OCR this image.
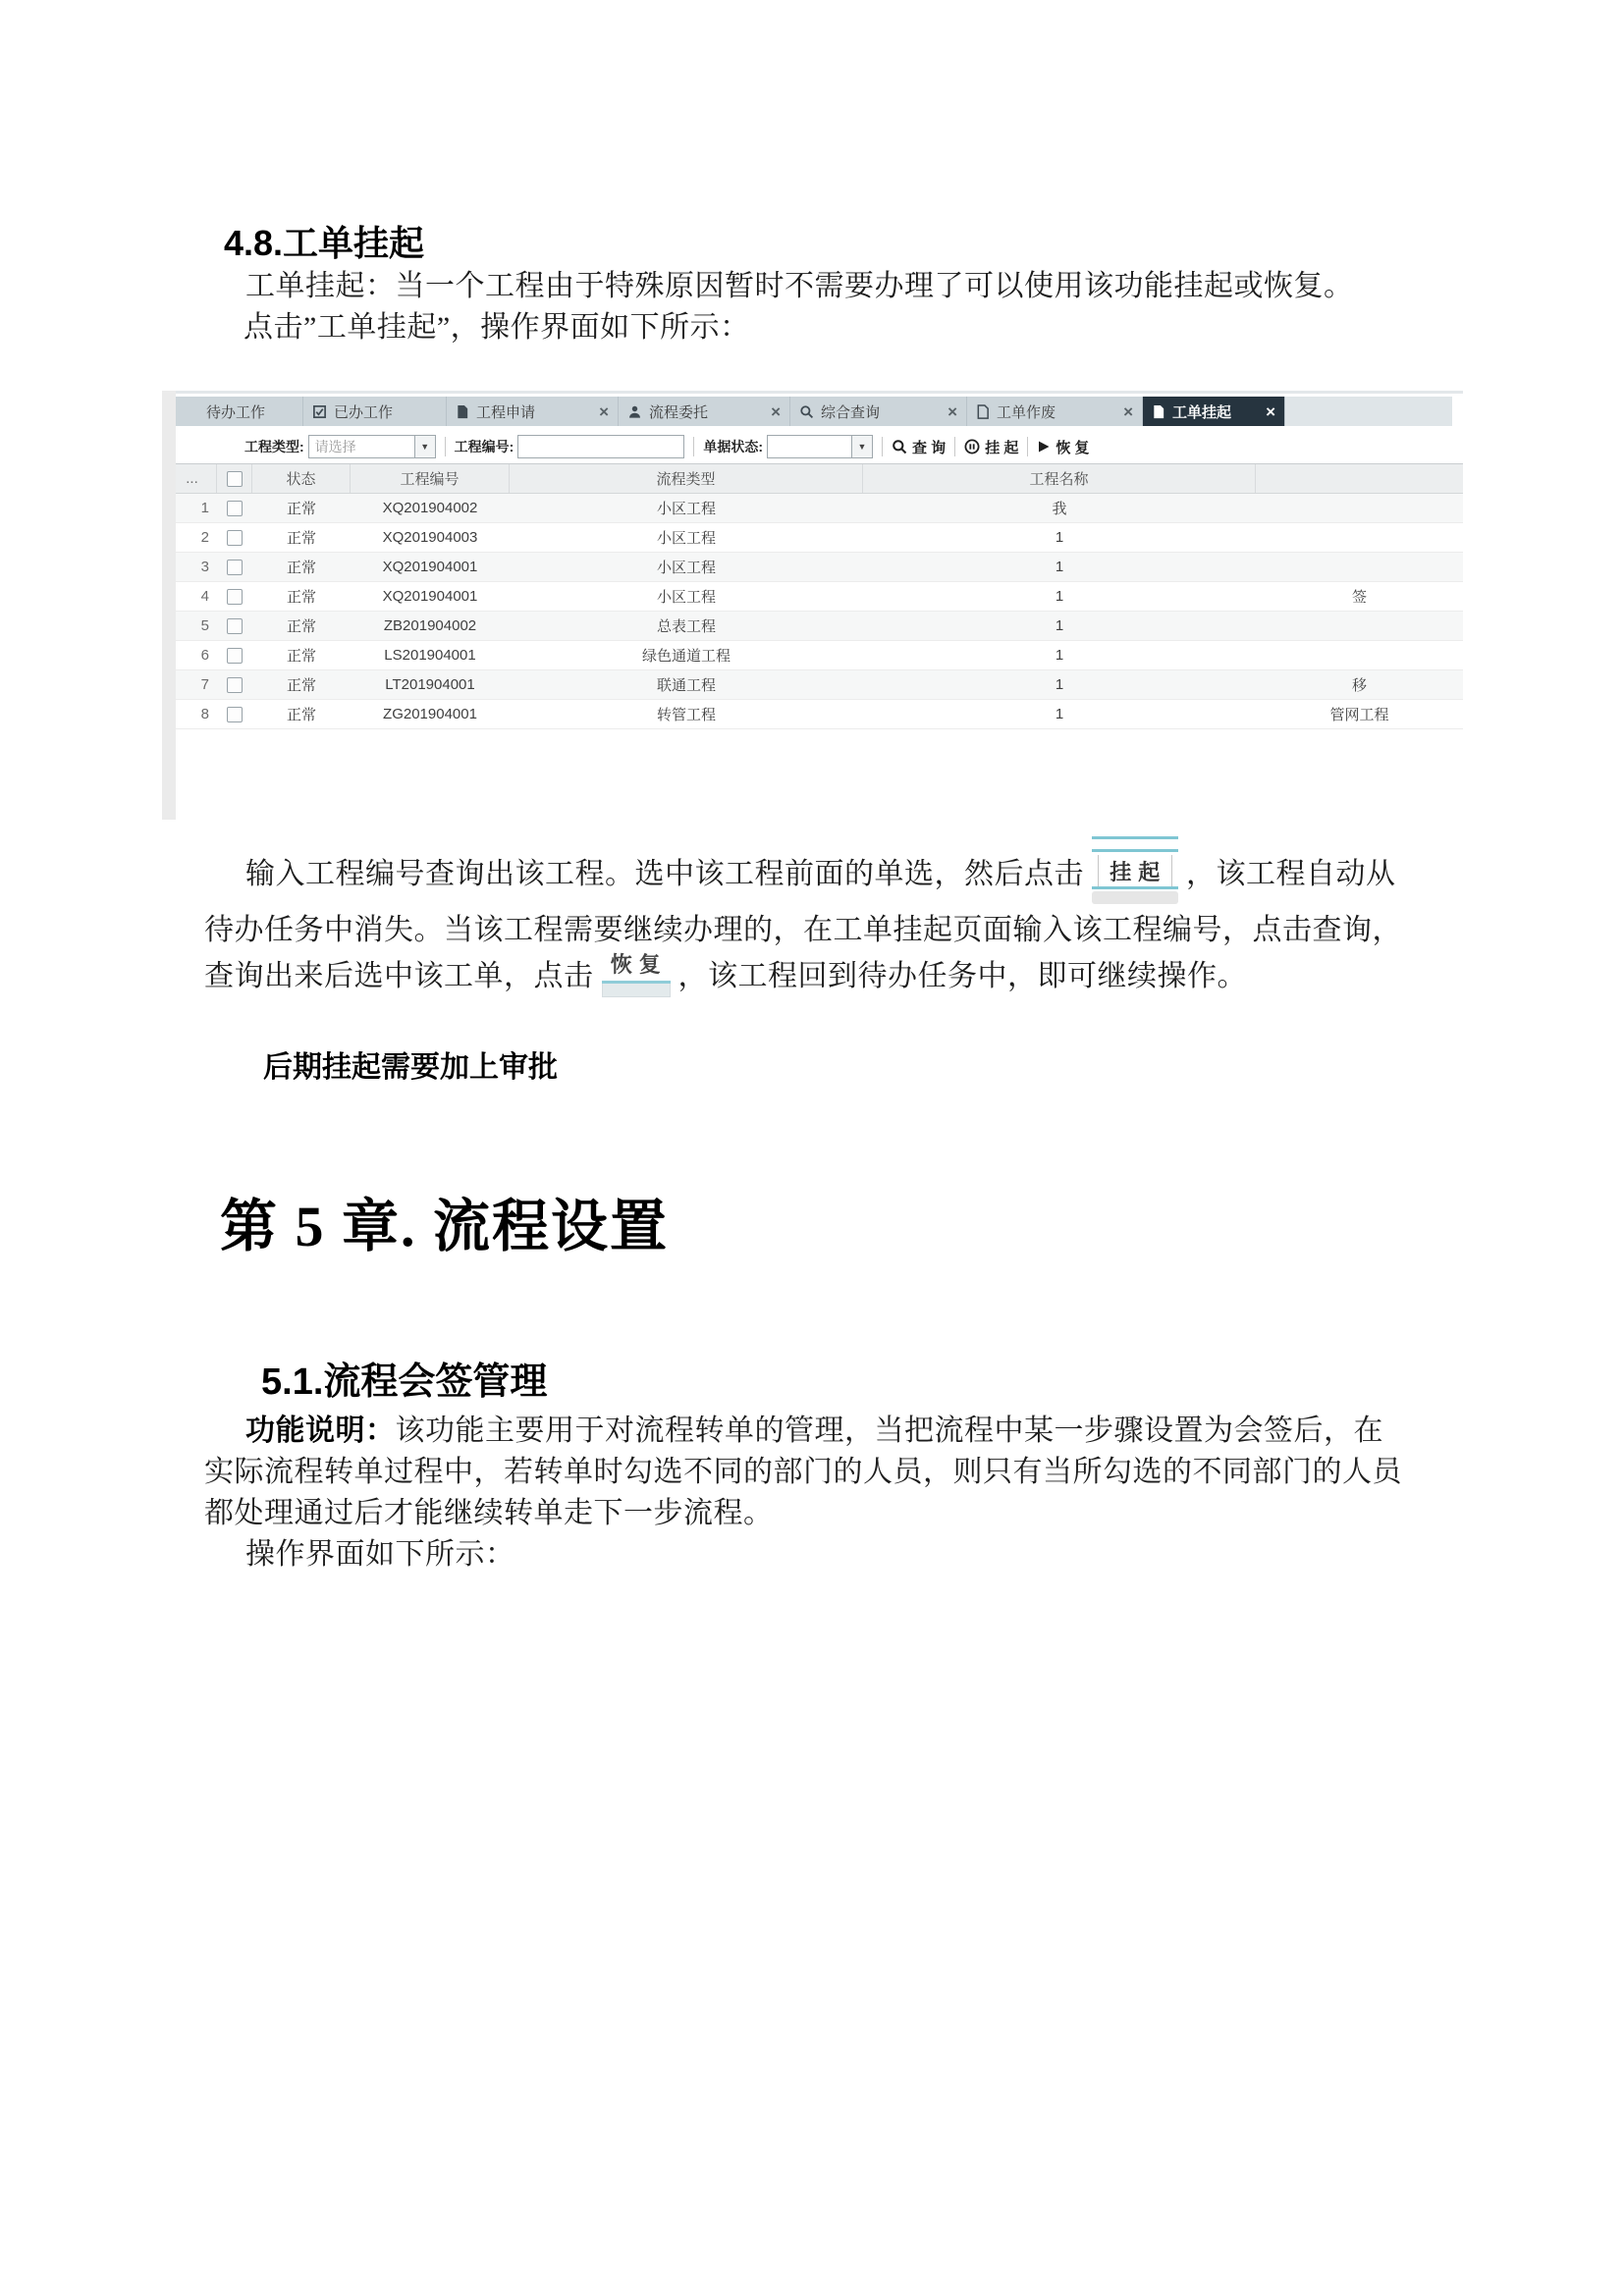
4.8.工单挂起
工单挂起：当一个工程由于特殊原因暂时不需要办理了可以使用该功能挂起或恢复。
点击”工单挂起”，操作界面如下所示：
待办工作	已办工作	工程申请	×	流程委托	×	综合查询	×	工单作废	×	工单挂起 ×
工程类型: 请选择	▼	工程编号:	单据状态:	▼	查 询	挂 起	恢 复
...	状态	工程编号	流程类型	工程名称
1	正常	XQ201904002	小区工程	我
2	正常	XQ201904003	小区工程	1
3	正常	XQ201904001	小区工程	1
4	正常	XQ201904001	小区工程	1	签
5	正常	ZB201904002	总表工程	1
6	正常	LS201904001	绿色通道工程	1
7	正常	LT201904001	联通工程	1	移
8	正常	ZG201904001	转管工程	1	管网工程
输入工程编号查询出该工程。选中该工程前面的单选，然后点击	挂 起 ，该工程自动从
待办任务中消失。当该工程需要继续办理的，在工单挂起页面输入该工程编号，点击查询，
查询出来后选中该工单，点击 恢 复 ，该工程回到待办任务中，即可继续操作。
后期挂起需要加上审批
第 5 章. 流程设置
5.1.流程会签管理
功能说明：该功能主要用于对流程转单的管理，当把流程中某一步骤设置为会签后，在
实际流程转单过程中，若转单时勾选不同的部门的人员，则只有当所勾选的不同部门的人员
都处理通过后才能继续转单走下一步流程。
操作界面如下所示：
